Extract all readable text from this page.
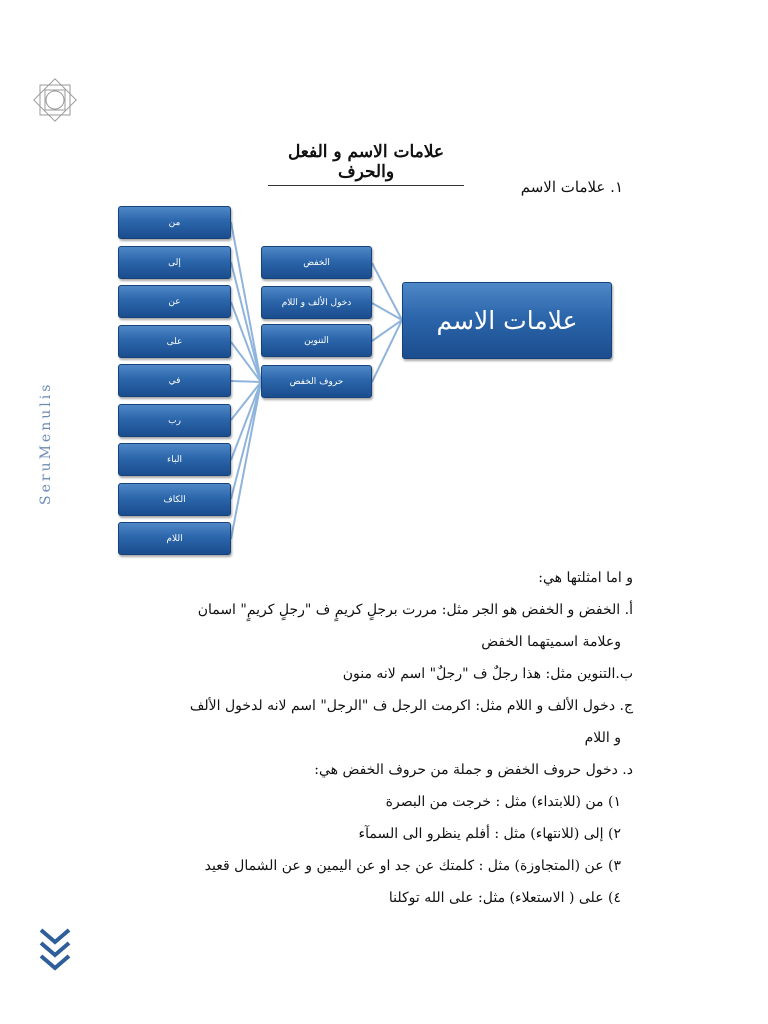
SeruMenulis
علامات الاسم و الفعل والحرف
١. علامات الاسم
من
إلى
عن
على
في
رب
الباء
الكاف
اللام
الخفض
دخول الألف و اللام
التنوين
حروف الخفض
علامات الاسم
و اما امثلتها هي:
أ. الخفض و الخفض هو الجر مثل: مررت برجلٍ كريمٍ ف "رجلٍ كريمٍ" اسمان
وعلامة اسميتهما الخفض
ب.التنوين مثل: هذا رجلٌ ف "رجلٌ" اسم لانه منون
ج. دخول الألف و اللام مثل: اكرمت الرجل ف "الرجل" اسم لانه لدخول الألف
و اللام
د. دخول حروف الخفض و جملة من حروف الخفض هي:
١) من (للابتداء) مثل : خرجت من البصرة
٢) إلى (للانتهاء) مثل : أفلم ينظرو الى السمآء
٣) عن (المتجاوزة) مثل : كلمتك عن جد او عن اليمين و عن الشمال قعيد
٤) على ( الاستعلاء) مثل: على الله توكلنا
